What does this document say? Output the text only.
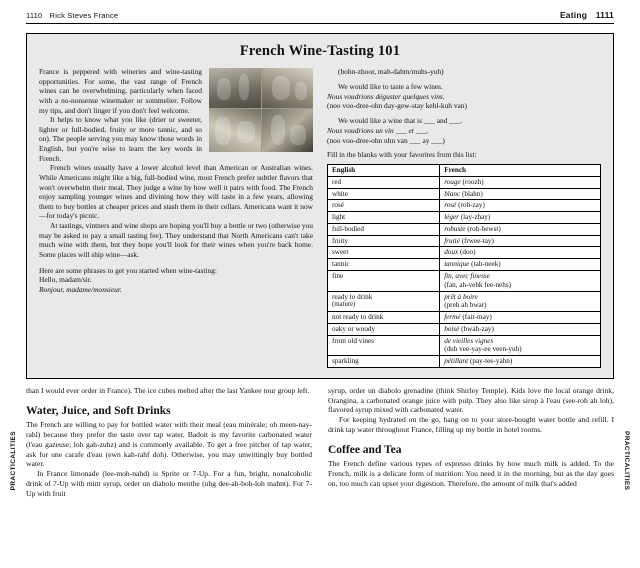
1110 Rick Steves France	Eating 1111
PRACTICALITIES	PRACTICALITIES
French Wine-Tasting 101

France is peppered with wineries and wine-tasting opportunities. For some, the vast range of French wines can be overwhelming, particularly when faced with a no-nonsense winemaker or sommelier. Follow my tips, and don't linger if you don't feel welcome.

It helps to know what you like (drier or sweeter, lighter or full-bodied, fruity or more tannic, and so on). The people serving you may know those words in English, but you're wise to learn the key words in French.

French wines usually have a lower alcohol level than American or Australian wines. While Americans might like a big, full-bodied wine, most French prefer subtler flavors that won't overwhelm their meal. They judge a wine by how well it pairs with food. The French enjoy sampling younger wines and divining how they will taste in a few years, allowing them to buy bottles at cheaper prices and stash them in their cellars. Americans want it now—for today's picnic.

At tastings, vintners and wine shops are hoping you'll buy a bottle or two (otherwise you may be asked to pay a small tasting fee). They understand that North Americans can't take much wine with them, but they hope you'll look for their wines when you're back home. Some places will ship wine—ask.

Here are some phrases to get you started when wine-tasting:

Hello, madam/sir.

Bonjour, madame/monsieur.

(bohn-zhoor, mah-dahm/muhs-yuh)

We would like to taste a few wines.
Nous voudrions déguster quelques vins.
(noo voo-dree-ohn day-gew-stay kehl-kuh van)

We would like a wine that is ___ and ___.
Nous voudrions un vin ___ et ___.
(noo voo-dree-ohn uhn van ___ ay ___)

Fill in the blanks with your favorites from this list:
English	French
red	rouge (roozh)
white	blanc (blahn)
rosé	rosé (roh-zay)
light	léger (lay-zhay)
full-bodied	robuste (roh-bewst)
fruity	fruité (frwee-tay)
sweet	doux (doo)
tannic	tannique (tah-neek)
fine	fin, avec finesse
(fan, ah-vehk fee-nehs)

ready to drink
(mature)	prêt à boire
(preh ah bwar)

not ready to drink	fermé (fair-may)
oaky or woody	boisé (bwah-zay)
from old vines	de vieilles vignes
(duh vee-yay-ee veen-yuh)

sparkling	pétillant (pay-tee-yahn)

than I would ever order in France). The ice cubes melted after the last Yankee tour group left.

Water, Juice, and Soft Drinks

The French are willing to pay for bottled water with their meal (eau minérale; oh meen-nay-rahl) because they prefer the taste over tap water. Badoit is my favorite carbonated water (l'eau gazeuse; loh gah-zuhz) and is commonly available. To get a free pitcher of tap water, ask for une carafe d'eau (ewn kah-rahf doh). Otherwise, you may unwittingly buy bottled water.

In France limonade (lee-moh-nahd) is Sprite or 7-Up. For a fun, bright, nonalcoholic drink of 7-Up with mint syrup, order un diabolo menthe (uhg dee-ah-boh-loh mahnt). For 7-Up with fruit

syrup, order un diabolo grenadine (think Shirley Temple). Kids love the local orange drink, Orangina, a carbonated orange juice with pulp. They also like sirop à l'eau (see-roh ah loh), flavored syrup mixed with carbonated water.

For keeping hydrated on the go, hang on to your store-bought water bottle and refill. I drink tap water throughout France, filling up my bottle in hotel rooms.

Coffee and Tea

The French define various types of espresso drinks by how much milk is added. To the French, milk is a delicate form of nutrition: You need it in the morning, but as the day goes on, too much can upset your digestion. Therefore, the amount of milk that's added
